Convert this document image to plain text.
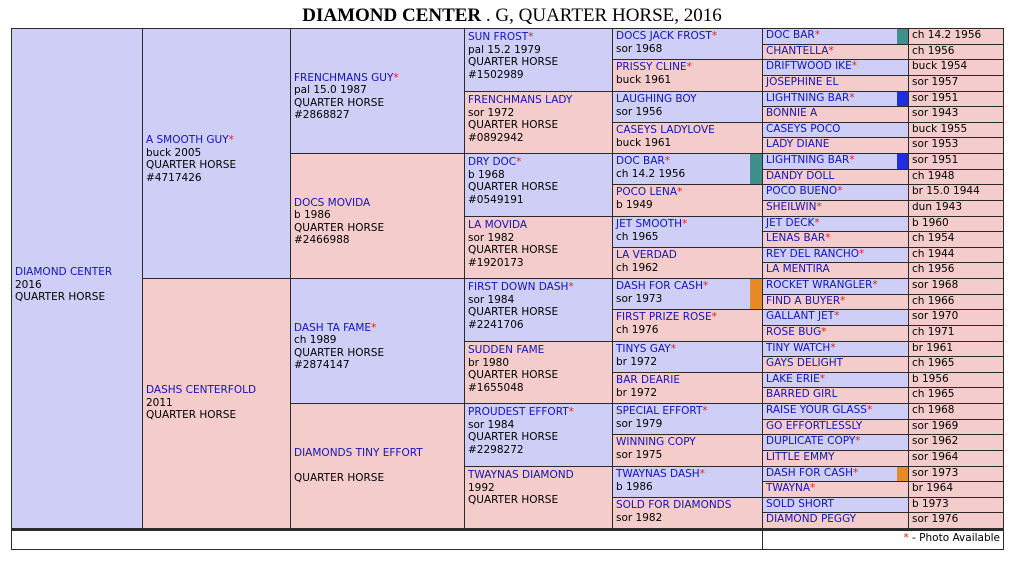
DIAMOND CENTER . G, QUARTER HORSE, 2016
DIAMOND CENTER
2016
QUARTER HORSE
A SMOOTH GUY*
buck 2005
QUARTER HORSE
#4717426
DASHS CENTERFOLD
2011
QUARTER HORSE
FRENCHMANS GUY*
pal 15.0 1987
QUARTER HORSE
#2868827
DOCS MOVIDA
b 1986
QUARTER HORSE
#2466988
DASH TA FAME*
ch 1989
QUARTER HORSE
#2874147
DIAMONDS TINY EFFORT

QUARTER HORSE
SUN FROST*
pal 15.2 1979
QUARTER HORSE
#1502989
FRENCHMANS LADY
sor 1972
QUARTER HORSE
#0892942
DRY DOC*
b 1968
QUARTER HORSE
#0549191
LA MOVIDA
sor 1982
QUARTER HORSE
#1920173
FIRST DOWN DASH*
sor 1984
QUARTER HORSE
#2241706
SUDDEN FAME
br 1980
QUARTER HORSE
#1655048
PROUDEST EFFORT*
sor 1984
QUARTER HORSE
#2298272
TWAYNAS DIAMOND
1992
QUARTER HORSE
DOCS JACK FROST*
sor 1968
PRISSY CLINE*
buck 1961
LAUGHING BOY
sor 1956
CASEYS LADYLOVE
buck 1961
DOC BAR*
ch 14.2 1956
POCO LENA*
b 1949
JET SMOOTH*
ch 1965
LA VERDAD
ch 1962
DASH FOR CASH*
sor 1973
FIRST PRIZE ROSE*
ch 1976
TINYS GAY*
br 1972
BAR DEARIE
br 1972
SPECIAL EFFORT*
sor 1979
WINNING COPY
sor 1975
TWAYNAS DASH*
b 1986
SOLD FOR DIAMONDS
sor 1982
DOC BAR*	ch 14.2 1956
CHANTELLA*	ch 1956
DRIFTWOOD IKE*	buck 1954
JOSEPHINE EL	sor 1957
LIGHTNING BAR*	sor 1951
BONNIE A	sor 1943
CASEYS POCO	buck 1955
LADY DIANE	sor 1953
LIGHTNING BAR*	sor 1951
DANDY DOLL	ch 1948
POCO BUENO*	br 15.0 1944
SHEILWIN*	dun 1943
JET DECK*	b 1960
LENAS BAR*	ch 1954
REY DEL RANCHO*	ch 1944
LA MENTIRA	ch 1956
ROCKET WRANGLER*	sor 1968
FIND A BUYER*	ch 1966
GALLANT JET*	sor 1970
ROSE BUG*	ch 1971
TINY WATCH*	br 1961
GAYS DELIGHT	ch 1965
LAKE ERIE*	b 1956
BARRED GIRL	ch 1965
RAISE YOUR GLASS*	ch 1968
GO EFFORTLESSLY	sor 1969
DUPLICATE COPY*	sor 1962
LITTLE EMMY	sor 1964
DASH FOR CASH*	sor 1973
TWAYNA*	br 1964
SOLD SHORT	b 1973
DIAMOND PEGGY	sor 1976
* - Photo Available
